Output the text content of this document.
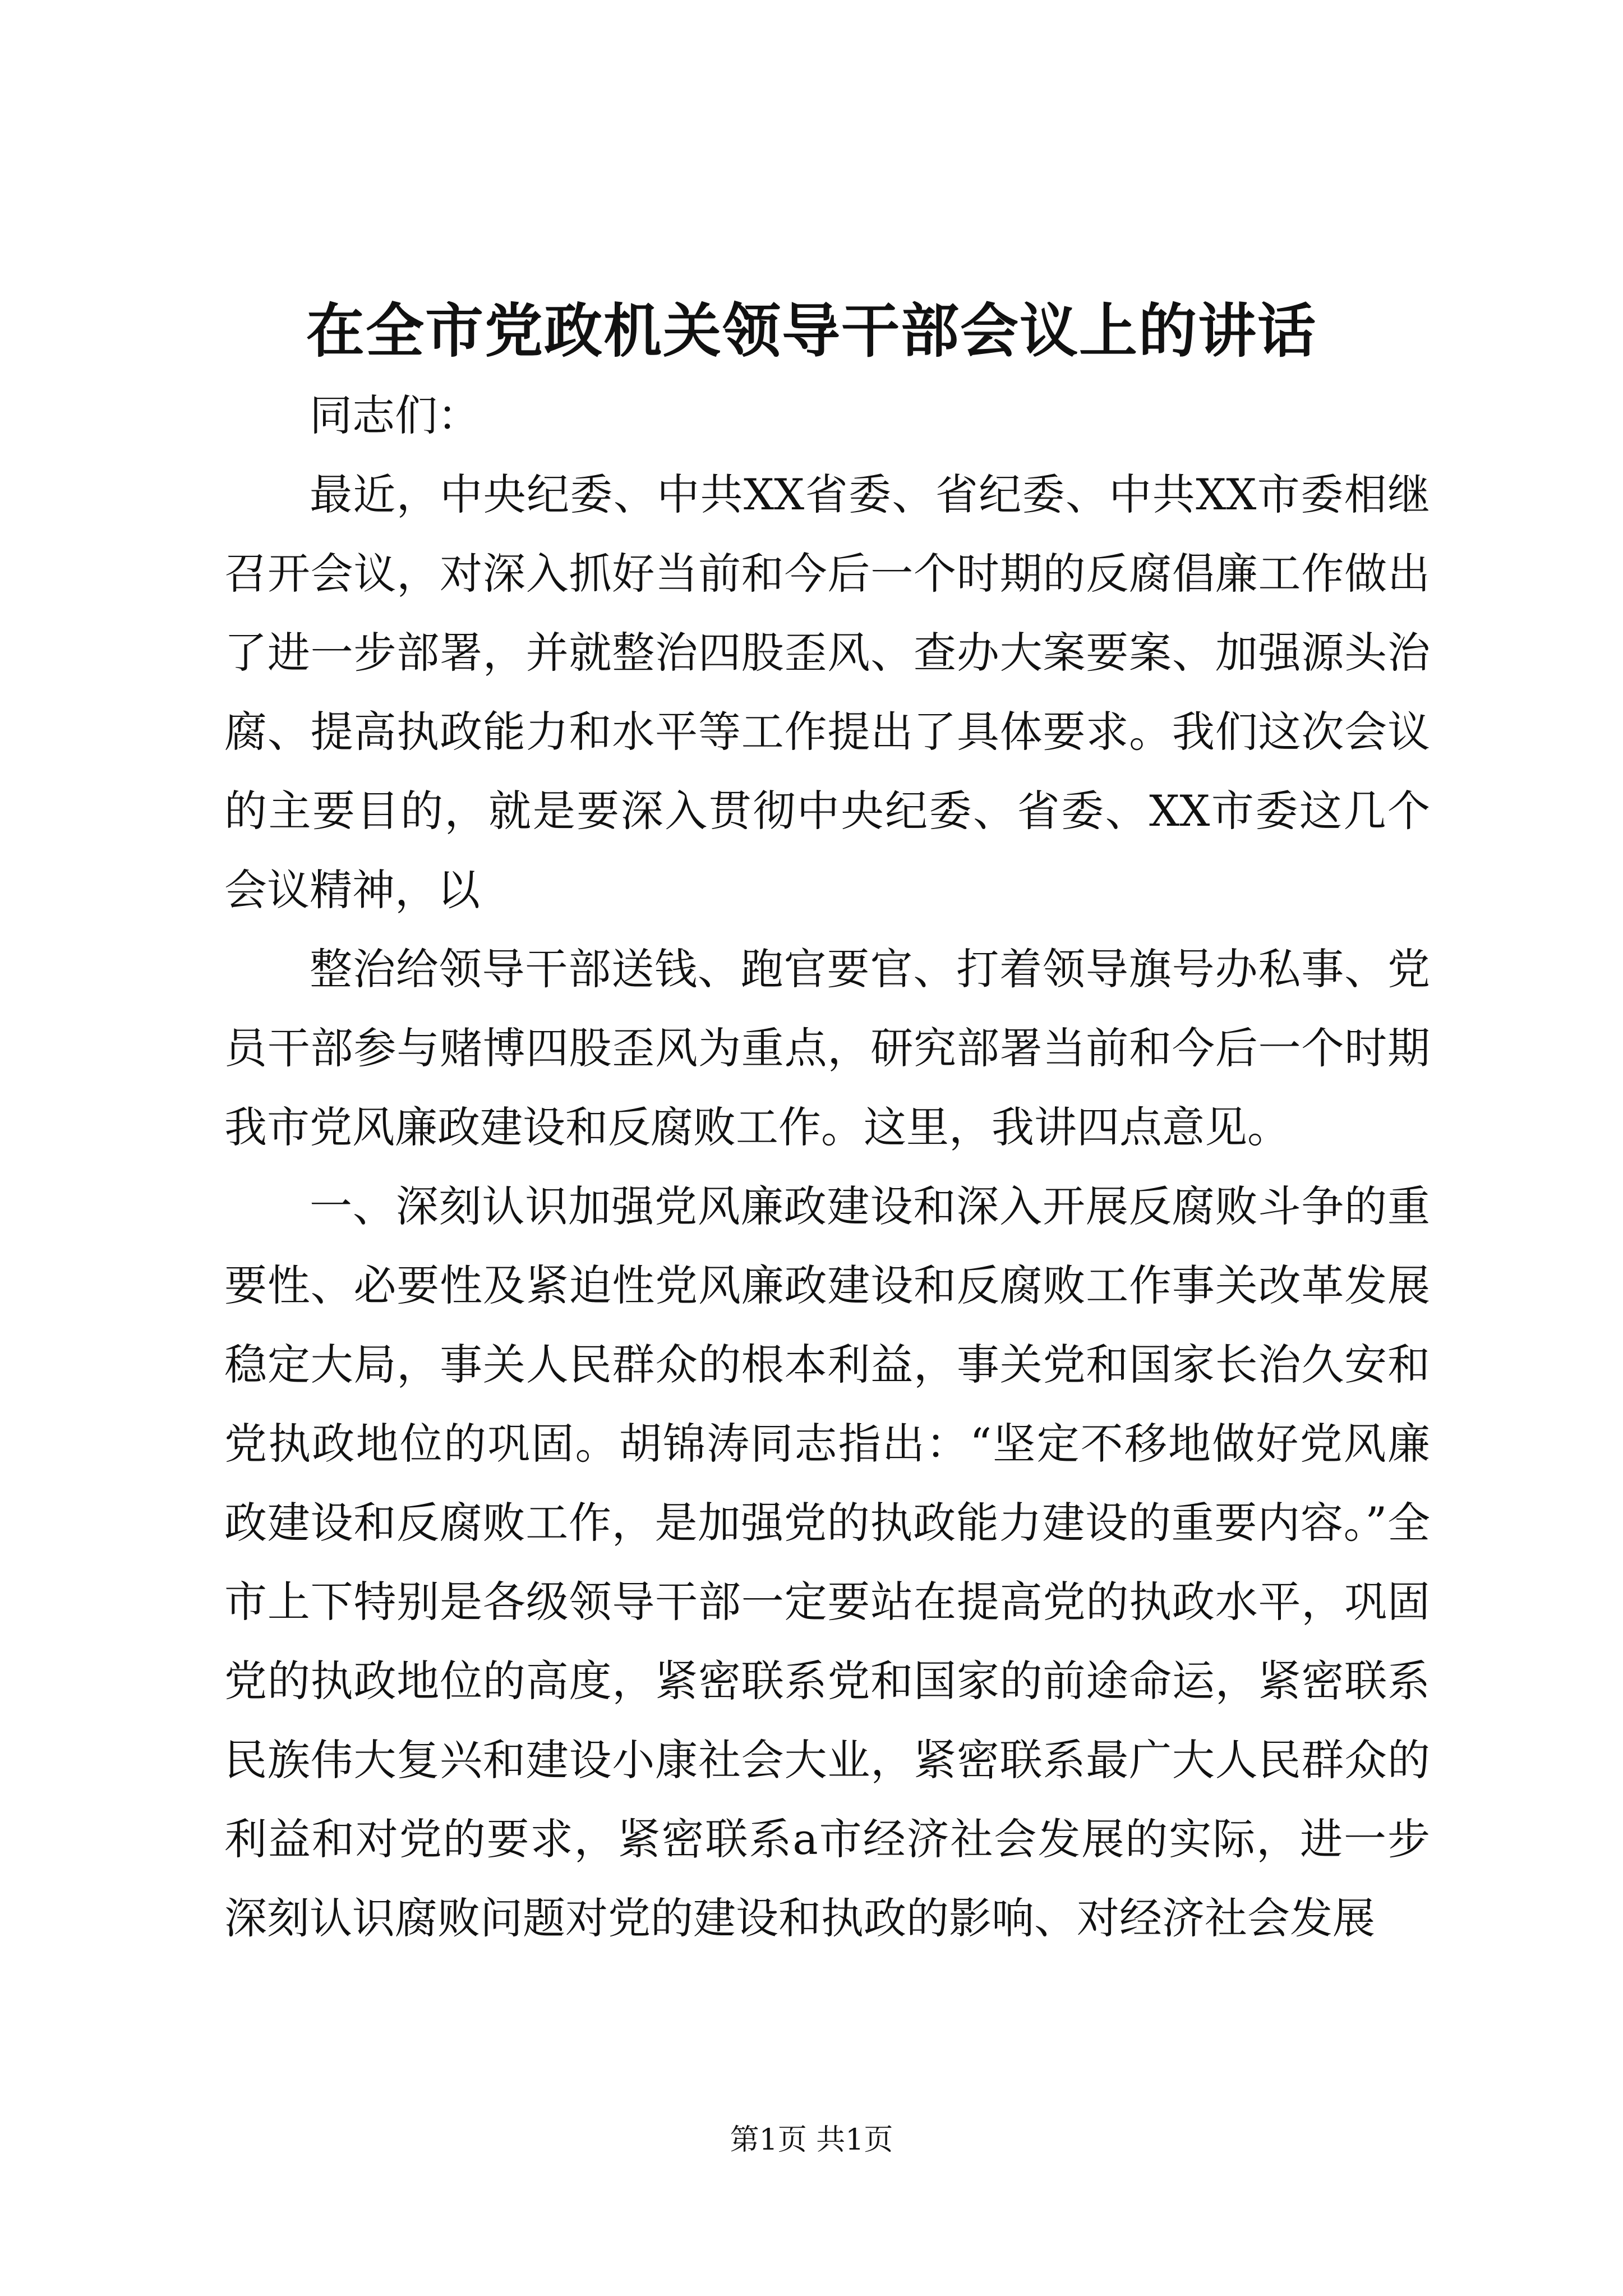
在全市党政机关领导干部会议上的讲话

同志们：

最近，中央纪委、中共XX省委、省纪委、中共XX市委相继召开会议，对深入抓好当前和今后一个时期的反腐倡廉工作做出了进一步部署，并就整治四股歪风、查办大案要案、加强源头治腐、提高执政能力和水平等工作提出了具体要求。我们这次会议的主要目的，就是要深入贯彻中央纪委、省委、XX市委这几个会议精神，以

整治给领导干部送钱、跑官要官、打着领导旗号办私事、党员干部参与赌博四股歪风为重点，研究部署当前和今后一个时期我市党风廉政建设和反腐败工作。这里，我讲四点意见。

一、深刻认识加强党风廉政建设和深入开展反腐败斗争的重要性、必要性及紧迫性党风廉政建设和反腐败工作事关改革发展稳定大局，事关人民群众的根本利益，事关党和国家长治久安和党执政地位的巩固。胡锦涛同志指出：“坚定不移地做好党风廉政建设和反腐败工作，是加强党的执政能力建设的重要内容。”全市上下特别是各级领导干部一定要站在提高党的执政水平，巩固党的执政地位的高度，紧密联系党和国家的前途命运，紧密联系民族伟大复兴和建设小康社会大业，紧密联系最广大人民群众的利益和对党的要求，紧密联系a市经济社会发展的实际，进一步深刻认识腐败问题对党的建设和执政的影响、对经济社会发展

第1页 共1页
